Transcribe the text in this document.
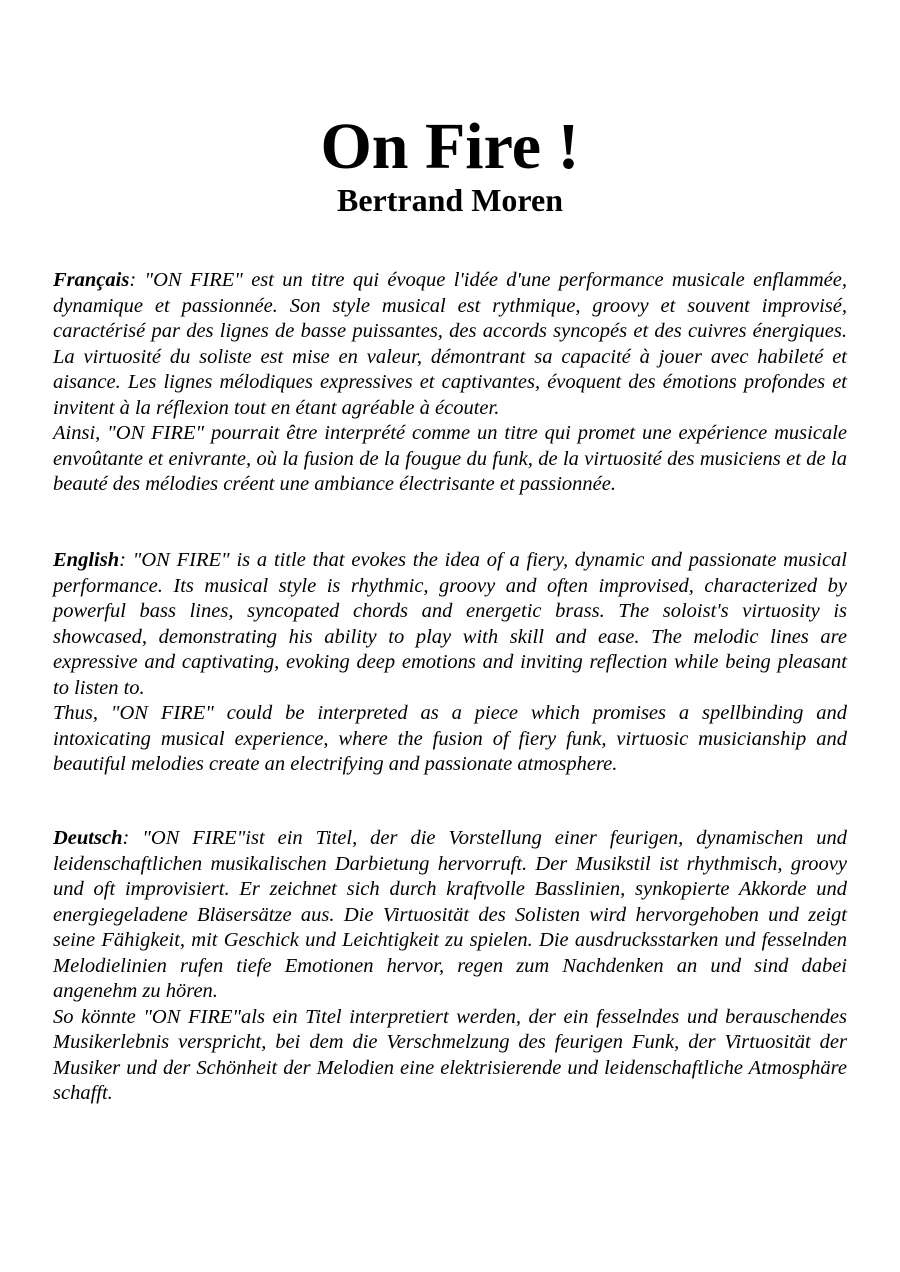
On Fire !
Bertrand Moren

Français: "ON FIRE" est un titre qui évoque l'idée d'une performance musicale enflammée, dynamique et passionnée. Son style musical est rythmique, groovy et souvent improvisé, caractérisé par des lignes de basse puissantes, des accords syncopés et des cuivres énergiques. La virtuosité du soliste est mise en valeur, démontrant sa capacité à jouer avec habileté et aisance. Les lignes mélodiques expressives et captivantes, évoquent des émotions profondes et invitent à la réflexion tout en étant agréable à écouter.

Ainsi, "ON FIRE" pourrait être interprété comme un titre qui promet une expérience musicale envoûtante et enivrante, où la fusion de la fougue du funk, de la virtuosité des musiciens et de la beauté des mélodies créent une ambiance électrisante et passionnée.

English: "ON FIRE" is a title that evokes the idea of a fiery, dynamic and passionate musical performance. Its musical style is rhythmic, groovy and often improvised, characterized by powerful bass lines, syncopated chords and energetic brass. The soloist's virtuosity is showcased, demonstrating his ability to play with skill and ease. The melodic lines are expressive and captivating, evoking deep emotions and inviting reflection while being pleasant to listen to.

Thus, "ON FIRE" could be interpreted as a piece which promises a spellbinding and intoxicating musical experience, where the fusion of fiery funk, virtuosic musicianship and beautiful melodies create an electrifying and passionate atmosphere.

Deutsch: "ON FIRE"ist ein Titel, der die Vorstellung einer feurigen, dynamischen und leidenschaftlichen musikalischen Darbietung hervorruft. Der Musikstil ist rhythmisch, groovy und oft improvisiert. Er zeichnet sich durch kraftvolle Basslinien, synkopierte Akkorde und energiegeladene Bläsersätze aus. Die Virtuosität des Solisten wird hervorgehoben und zeigt seine Fähigkeit, mit Geschick und Leichtigkeit zu spielen. Die ausdrucksstarken und fesselnden Melodielinien rufen tiefe Emotionen hervor, regen zum Nachdenken an und sind dabei angenehm zu hören.

So könnte "ON FIRE"als ein Titel interpretiert werden, der ein fesselndes und berauschendes Musikerlebnis verspricht, bei dem die Verschmelzung des feurigen Funk, der Virtuosität der Musiker und der Schönheit der Melodien eine elektrisierende und leidenschaftliche Atmosphäre schafft.
